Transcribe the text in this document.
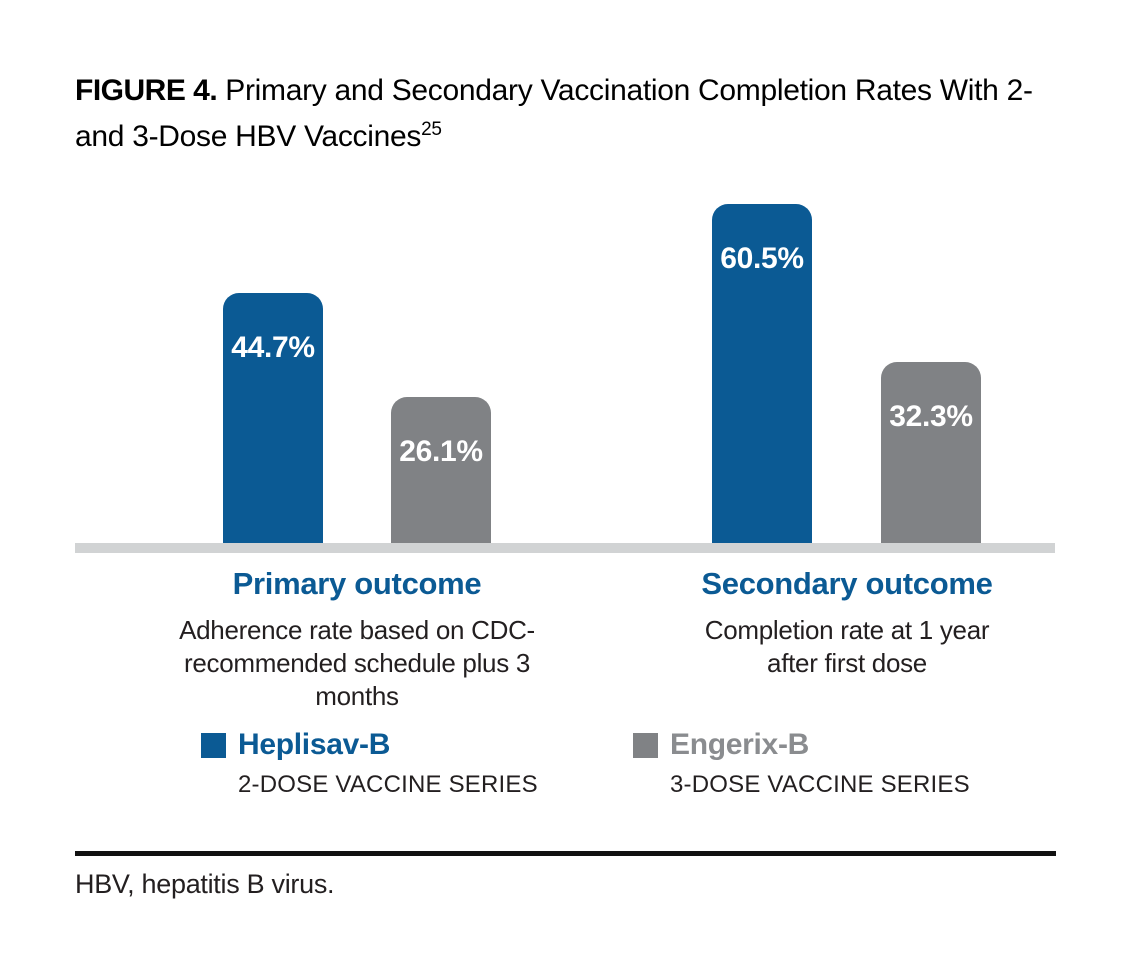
FIGURE 4. Primary and Secondary Vaccination Completion Rates With 2- and 3-Dose HBV Vaccines$^{25}$
44.7%
26.1%
60.5%
32.3%
Primary outcome
Adherence rate based on CDC-
recommended schedule plus 3 months
Secondary outcome
Completion rate at 1 year
after first dose
Heplisav-B
2-DOSE VACCINE SERIES
Engerix-B
3-DOSE VACCINE SERIES
HBV, hepatitis B virus.
